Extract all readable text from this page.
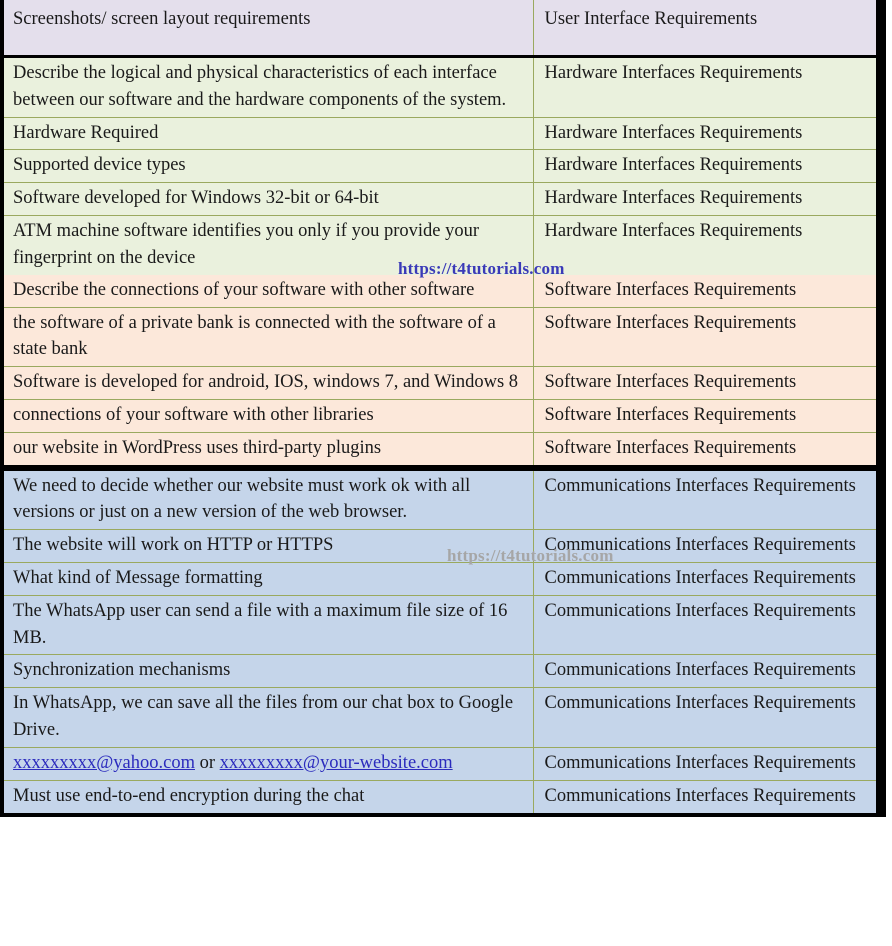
Screenshots/ screen layout requirements	User Interface Requirements
Describe the logical and physical characteristics of each interface between our software and the hardware components of the system.	Hardware Interfaces Requirements
Hardware Required	Hardware Interfaces Requirements
Supported device types	Hardware Interfaces Requirements
Software developed for Windows 32-bit or 64-bit	Hardware Interfaces Requirements
ATM machine software identifies you only if you provide your fingerprint on the device	Hardware Interfaces Requirements
Describe the connections of your software with other software	Software Interfaces Requirements
the software of a private bank is connected with the software of a state bank	Software Interfaces Requirements
Software is developed for android, IOS, windows 7, and Windows 8	Software Interfaces Requirements
connections of your software with other libraries	Software Interfaces Requirements
our website in WordPress uses third-party plugins	Software Interfaces Requirements
We need to decide whether our website must work ok with all versions or just on a new version of the web browser.	Communications Interfaces Requirements
The website will work on HTTP or HTTPS	Communications Interfaces Requirements
What kind of Message formatting	Communications Interfaces Requirements
The WhatsApp user can send a file with a maximum file size of 16 MB.	Communications Interfaces Requirements
Synchronization mechanisms	Communications Interfaces Requirements
In WhatsApp, we can save all the files from our chat box to Google Drive.	Communications Interfaces Requirements
xxxxxxxxx@yahoo.com or xxxxxxxxx@your-website.com	Communications Interfaces Requirements
Must use end-to-end encryption during the chat	Communications Interfaces Requirements
https://t4tutorials.com
https://t4tutorials.com
